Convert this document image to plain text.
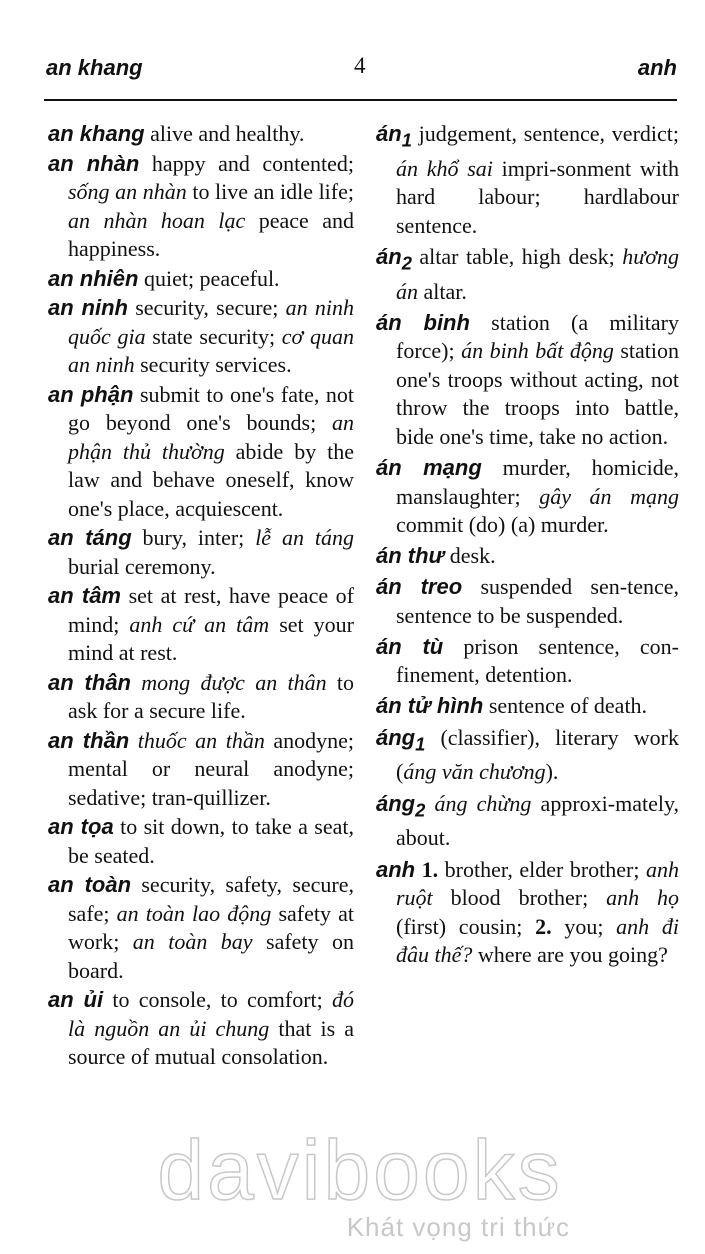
an khang	4	anh

an khang alive and healthy.

an nhàn happy and contented; sống an nhàn to live an idle life; an nhàn hoan lạc peace and happiness.

an nhiên quiet; peaceful.

an ninh security, secure; an ninh quốc gia state security; cơ quan an ninh security services.

an phận submit to one's fate, not go beyond one's bounds; an phận thủ thường abide by the law and behave oneself, know one's place, acquiescent.

an táng bury, inter; lễ an táng burial ceremony.

an tâm set at rest, have peace of mind; anh cứ an tâm set your mind at rest.

an thân mong được an thân to ask for a secure life.

an thần thuốc an thần anodyne; mental or neural anodyne; sedative; tran-quillizer.

an tọa to sit down, to take a seat, be seated.

an toàn security, safety, secure, safe; an toàn lao động safety at work; an toàn bay safety on board.

an ủi to console, to comfort; đó là nguồn an ủi chung that is a source of mutual consolation.

$án_1$ judgement, sentence, verdict; án khổ sai impri-sonment with hard labour; hardlabour sentence.

$án_2$ altar table, high desk; hương án altar.

án binh station (a military force); án binh bất động station one's troops without acting, not throw the troops into battle, bide one's time, take no action.

án mạng murder, homicide, manslaughter; gây án mạng commit (do) (a) murder.

án thư desk.

án treo suspended sen-tence, sentence to be suspended.

án tù prison sentence, con-finement, detention.

án tử hình sentence of death.

áng$_1$ (classifier), literary work (áng văn chương).

áng$_2$ áng chừng approxi-mately, about.

anh 1. brother, elder brother; anh ruột blood brother; anh họ (first) cousin; 2. you; anh đi đâu thế? where are you going?

davibooks
Khát vọng tri thức
